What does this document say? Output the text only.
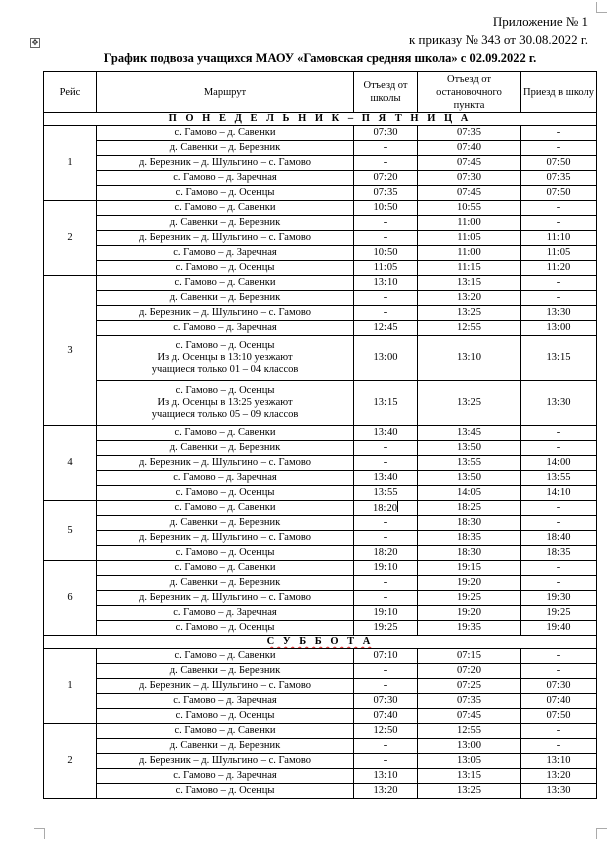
✥
Приложение № 1
к приказу № 343 от 30.08.2022 г.
График подвоза учащихся МАОУ «Гамовская средняя школа» с 02.09.2022 г.
Рейс	Маршрут	Отъезд от школы	Отъезд от остановочного пункта	Приезд в школу
П О Н Е Д Е Л Ь Н И К – П Я Т Н И Ц А				
1	с. Гамово – д. Савенки	07:30	07:35	-
	д. Савенки – д. Березник	-	07:40	-
	д. Березник – д. Шульгино – с. Гамово	-	07:45	07:50
	с. Гамово – д. Заречная	07:20	07:30	07:35
	с. Гамово – д. Осенцы	07:35	07:45	07:50
2	с. Гамово – д. Савенки	10:50	10:55	-
	д. Савенки – д. Березник	-	11:00	-
	д. Березник – д. Шульгино – с. Гамово	-	11:05	11:10
	с. Гамово – д. Заречная	10:50	11:00	11:05
	с. Гамово – д. Осенцы	11:05	11:15	11:20
3	с. Гамово – д. Савенки	13:10	13:15	-
	д. Савенки – д. Березник	-	13:20	-
	д. Березник – д. Шульгино – с. Гамово	-	13:25	13:30
	с. Гамово – д. Заречная	12:45	12:55	13:00

	с. Гамово – д. Осенцы
Из д. Осенцы в 13:10 уезжают
учащиеся только 01 – 04 классов	13:00	13:10	13:15

	с. Гамово – д. Осенцы
Из д. Осенцы в 13:25 уезжают
учащиеся только 05 – 09 классов	13:15	13:25	13:30
4	с. Гамово – д. Савенки	13:40	13:45	-
	д. Савенки – д. Березник	-	13:50	-
	д. Березник – д. Шульгино – с. Гамово	-	13:55	14:00
	с. Гамово – д. Заречная	13:40	13:50	13:55
	с. Гамово – д. Осенцы	13:55	14:05	14:10
5	с. Гамово – д. Савенки	18:20	18:25	-
	д. Савенки – д. Березник	-	18:30	-
	д. Березник – д. Шульгино – с. Гамово	-	18:35	18:40
	с. Гамово – д. Осенцы	18:20	18:30	18:35
6	с. Гамово – д. Савенки	19:10	19:15	-
	д. Савенки – д. Березник	-	19:20	-
	д. Березник – д. Шульгино – с. Гамово	-	19:25	19:30
	с. Гамово – д. Заречная	19:10	19:20	19:25
	с. Гамово – д. Осенцы	19:25	19:35	19:40
С У Б Б О Т А				
1	с. Гамово – д. Савенки	07:10	07:15	-
	д. Савенки – д. Березник	-	07:20	-
	д. Березник – д. Шульгино – с. Гамово	-	07:25	07:30
	с. Гамово – д. Заречная	07:30	07:35	07:40
	с. Гамово – д. Осенцы	07:40	07:45	07:50
2	с. Гамово – д. Савенки	12:50	12:55	-
	д. Савенки – д. Березник	-	13:00	-
	д. Березник – д. Шульгино – с. Гамово	-	13:05	13:10
	с. Гамово – д. Заречная	13:10	13:15	13:20
	с. Гамово – д. Осенцы	13:20	13:25	13:30
